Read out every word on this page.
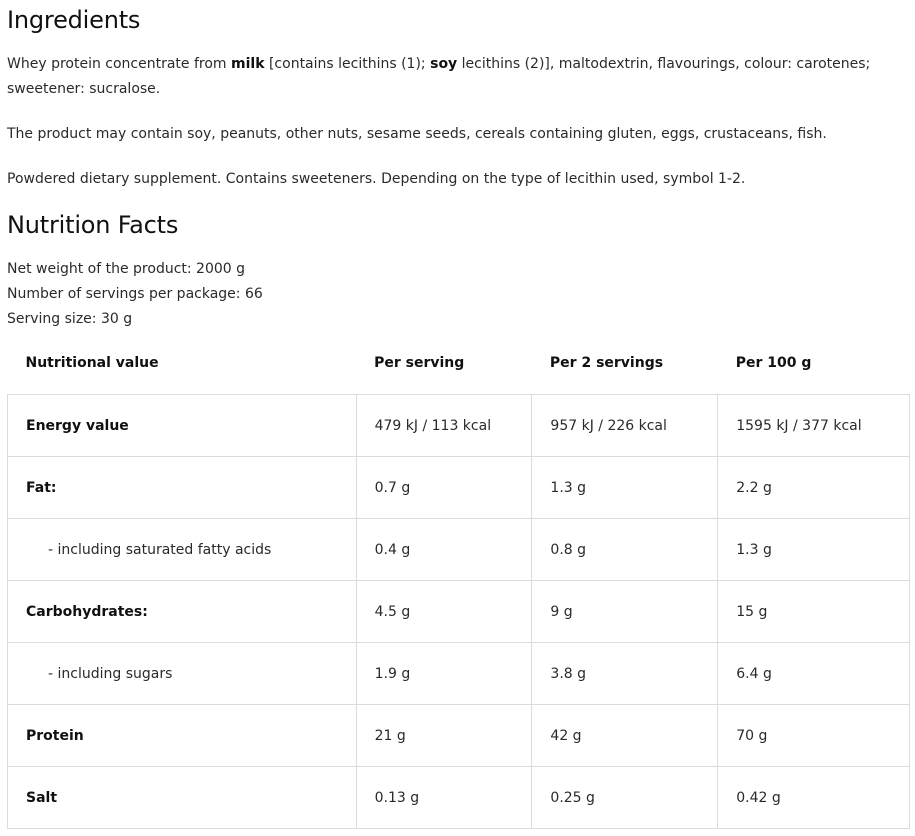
Ingredients

Whey protein concentrate from milk [contains lecithins (1); soy lecithins (2)], maltodextrin, flavourings, colour: carotenes; sweetener: sucralose.

The product may contain soy, peanuts, other nuts, sesame seeds, cereals containing gluten, eggs, crustaceans, fish.

Powdered dietary supplement. Contains sweeteners. Depending on the type of lecithin used, symbol 1-2.

Nutrition Facts

Net weight of the product: 2000 g

Number of servings per package: 66

Serving size: 30 g

Nutritional value	Per serving	Per 2 servings	Per 100 g
Energy value	479 kJ / 113 kcal	957 kJ / 226 kcal	1595 kJ / 377 kcal
Fat:	0.7 g	1.3 g	2.2 g
- including saturated fatty acids	0.4 g	0.8 g	1.3 g
Carbohydrates:	4.5 g	9 g	15 g
- including sugars	1.9 g	3.8 g	6.4 g
Protein	21 g	42 g	70 g
Salt	0.13 g	0.25 g	0.42 g
